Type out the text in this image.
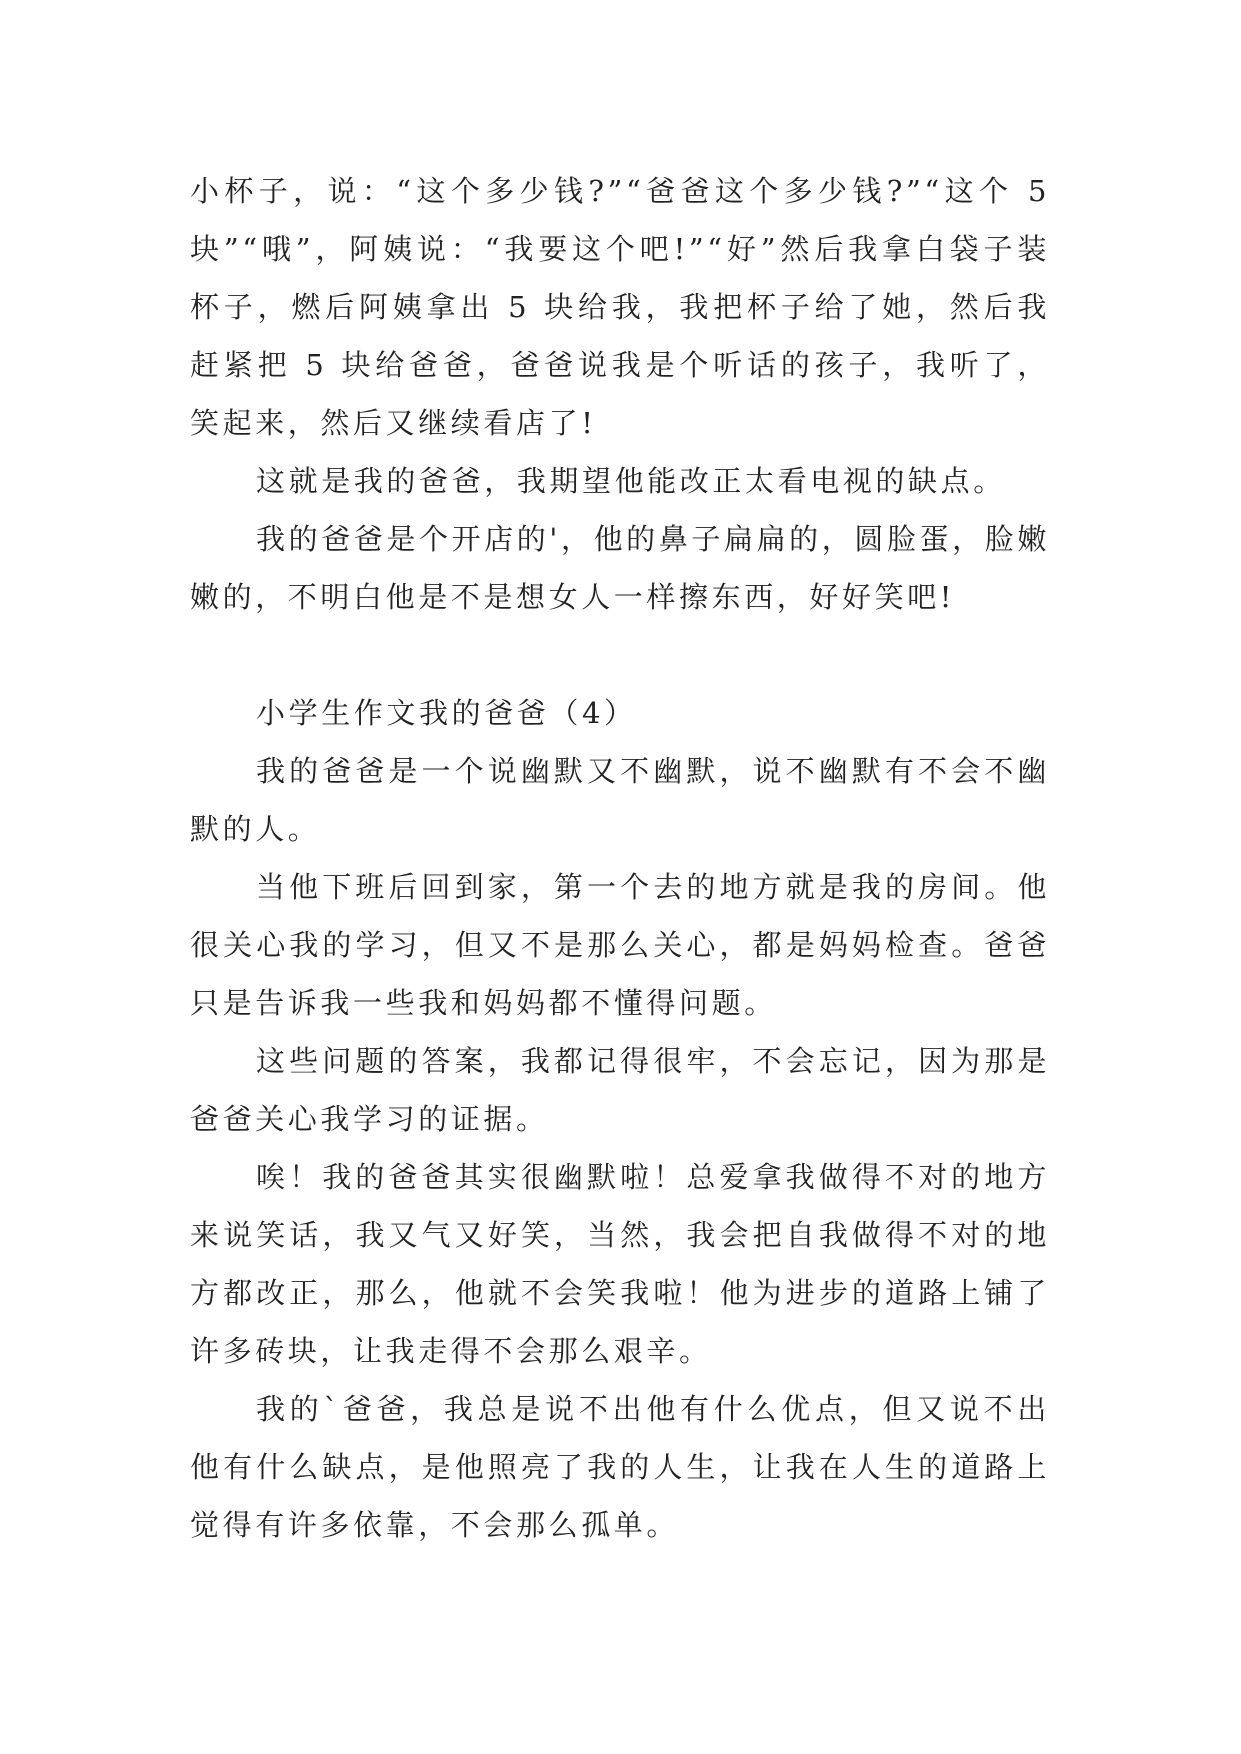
小杯子，说：“这个多少钱?”“爸爸这个多少钱?”“这个 5 块”“哦”，阿姨说：“我要这个吧!”“好”然后我拿白袋子装杯子，燃后阿姨拿出 5 块给我，我把杯子给了她，然后我赶紧把 5 块给爸爸，爸爸说我是个听话的孩子，我听了，笑起来，然后又继续看店了!

这就是我的爸爸，我期望他能改正太看电视的缺点。

我的爸爸是个开店的'，他的鼻子扁扁的，圆脸蛋，脸嫩嫩的，不明白他是不是想女人一样擦东西，好好笑吧!

小学生作文我的爸爸（4）

我的爸爸是一个说幽默又不幽默，说不幽默有不会不幽默的人。

当他下班后回到家，第一个去的地方就是我的房间。他很关心我的学习，但又不是那么关心，都是妈妈检查。爸爸只是告诉我一些我和妈妈都不懂得问题。

这些问题的答案，我都记得很牢，不会忘记，因为那是爸爸关心我学习的证据。

唉！我的爸爸其实很幽默啦！总爱拿我做得不对的地方来说笑话，我又气又好笑，当然，我会把自我做得不对的地方都改正，那么，他就不会笑我啦！他为进步的道路上铺了许多砖块，让我走得不会那么艰辛。

我的`爸爸，我总是说不出他有什么优点，但又说不出他有什么缺点，是他照亮了我的人生，让我在人生的道路上觉得有许多依靠，不会那么孤单。
